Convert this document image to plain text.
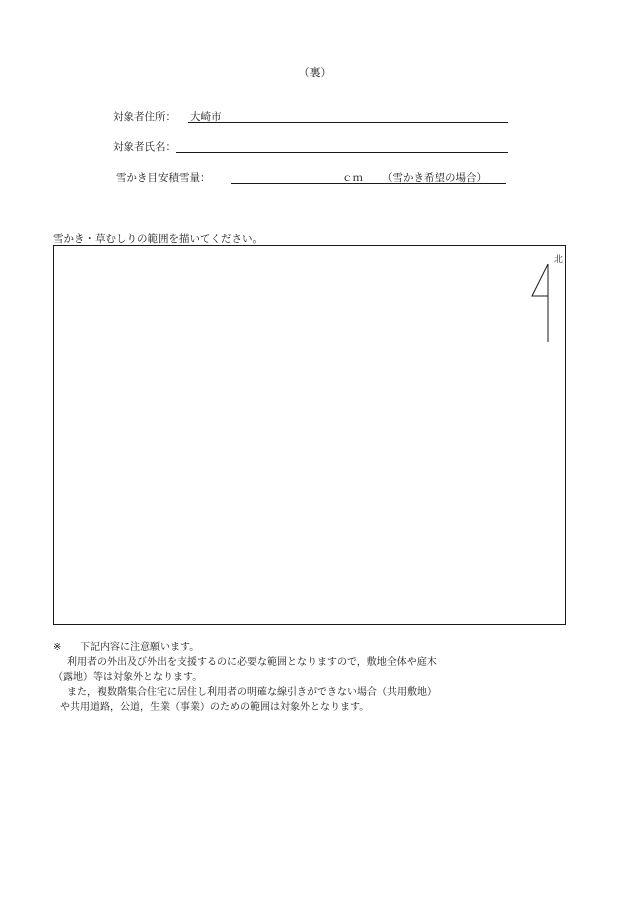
（裏）
対象者住所： 大崎市
対象者氏名：
雪かき目安積雪量：	ｃｍ （雪かき希望の場合）
雪かき・草むしりの範囲を描いてください。
北
※ 下記内容に注意願います。
利用者の外出及び外出を支援するのに必要な範囲となりますので，敷地全体や庭木
（露地）等は対象外となります。
また，複数階集合住宅に居住し利用者の明確な線引きができない場合（共用敷地）
や共用道路，公道，生業（事業）のための範囲は対象外となります。
